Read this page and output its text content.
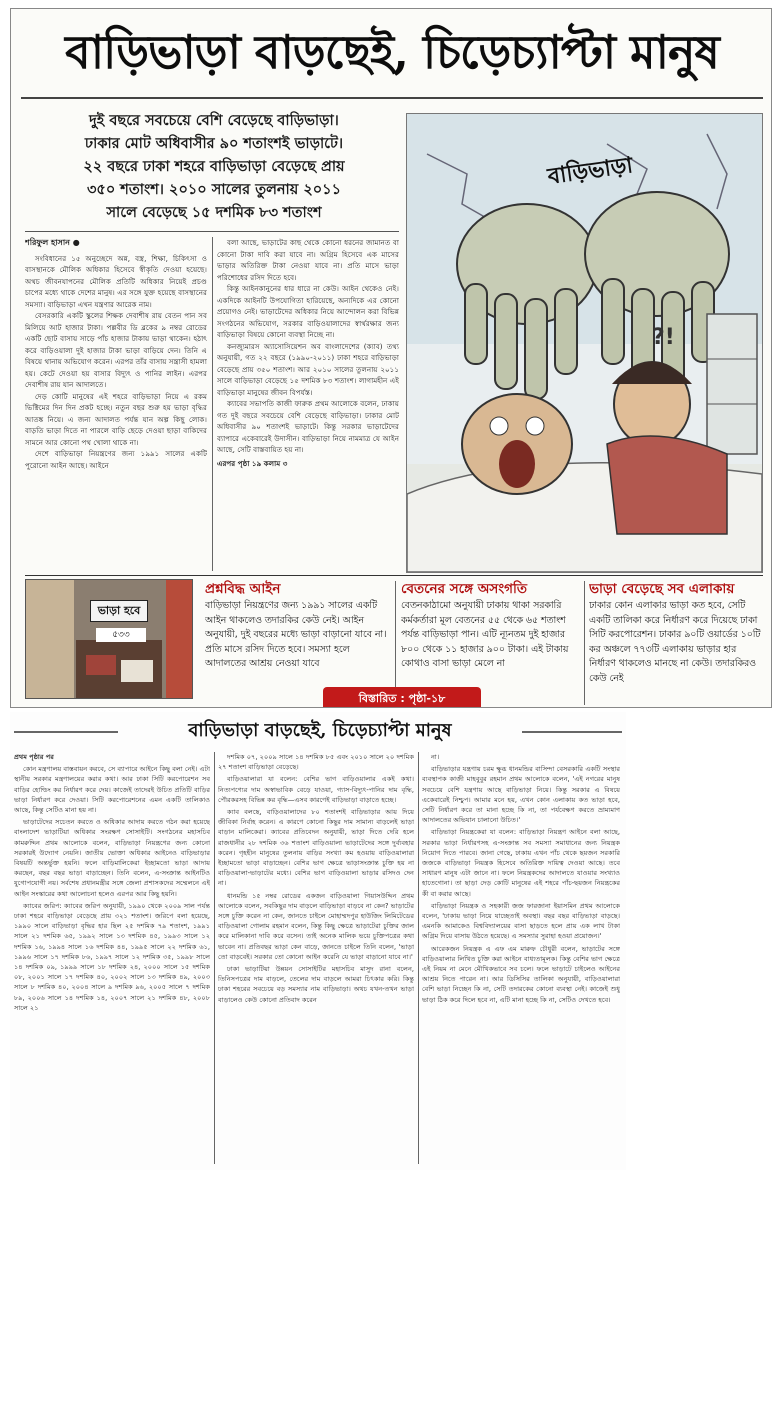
বাড়িভাড়া বাড়ছেই, চিড়েচ্যাপ্টা মানুষ
দুই বছরে সবচেয়ে বেশি বেড়েছে বাড়িভাড়া।
ঢাকার মোট অধিবাসীর ৯০ শতাংশই ভাড়াটে।
২২ বছরে ঢাকা শহরে বাড়িভাড়া বেড়েছে প্রায়
৩৫০ শতাংশ। ২০১০ সালের তুলনায় ২০১১
সালে বেড়েছে ১৫ দশমিক ৮৩ শতাংশ
শরিফুল হাসান ●

সংবিধানের ১৫ অনুচ্ছেদে অন্ন, বস্ত্র, শিক্ষা, চিকিৎসা ও বাসস্থানকে মৌলিক অধিকার হিসেবে স্বীকৃতি দেওয়া হয়েছে। অথচ জীবনযাপনের মৌলিক প্রতিটি অধিকার নিয়েই প্রচণ্ড চাপের মধ্যে থাকে দেশের মানুষ। এর সঙ্গে যুক্ত হয়েছে বাসস্থানের সমস্যা। বাড়িভাড়া এখন যন্ত্রণার আরেক নাম।

বেসরকারি একটি স্কুলের শিক্ষক দেবাশীষ রায় বেতন পান সব মিলিয়ে আট হাজার টাকা। পল্লবীর ডি ব্লকের ৯ নম্বর রোডের একটি ছোট বাসায় সাড়ে পাঁচ হাজার টাকায় ভাড়া থাকেন। হঠাৎ করে বাড়িওয়ালা দুই হাজার টাকা ভাড়া বাড়িয়ে দেন। তিনি এ বিষয়ে থানায় অভিযোগ করেন। এরপর তাঁর বাসায় সন্ত্রাসী হামলা হয়। কেটে দেওয়া হয় বাসার বিদ্যুৎ ও পানির লাইন। এরপর দেবাশীষ রায় যান আদালতে।

দেড় কোটি মানুষের এই শহরে বাড়িভাড়া নিয়ে এ রকম ভিক্টিমের দিন দিন প্রকট হচ্ছে। নতুন বছর শুরু হয় ভাড়া বৃদ্ধির আতঙ্ক নিয়ে। এ জন্য আদালত পর্যন্ত যান অল্প কিছু লোক। বাড়তি ভাড়া দিতে না পারলে বাড়ি ছেড়ে দেওয়া ছাড়া বাকিদের সামনে আর কোনো পথ খোলা থাকে না।

দেশে বাড়িভাড়া নিয়ন্ত্রণের জন্য ১৯৯১ সালের একটি পুরোনো আইন আছে। আইনে

বলা আছে, ভাড়াটের কাছ থেকে কোনো ধরনের জামানত বা কোনো টাকা দাবি করা যাবে না। অগ্রিম হিসেবে এক মাসের ভাড়ার অতিরিক্ত টাকা নেওয়া যাবে না। প্রতি মাসে ভাড়া পরিশোধের রসিদ দিতে হবে।

কিন্তু আইনকানুনের ধার ধারে না কেউ। আইন থেকেও নেই। একদিকে আইনটি উপযোগিতা হারিয়েছে, অন্যদিকে এর কোনো প্রয়োগও নেই। ভাড়াটেদের অধিকার নিয়ে আন্দোলন করা বিভিন্ন সংগঠনের অভিযোগ, সরকার বাড়িওয়ালাদের স্বার্থরক্ষার জন্য বাড়িভাড়া বিষয়ে কোনো ব্যবস্থা নিচ্ছে না।

কনজ্যুমারস অ্যাসোসিয়েশন অব বাংলাদেশের (ক্যাব) তথ্য অনুযায়ী, গত ২২ বছরে (১৯৯০-২০১১) ঢাকা শহরে বাড়িভাড়া বেড়েছে প্রায় ৩৫০ শতাংশ। আর ২০১০ সালের তুলনায় ২০১১ সালে বাড়িভাড়া বেড়েছে ১৫ দশমিক ৮৩ শতাংশ। লাগামহীন এই বাড়িভাড়া মানুষের জীবন বিপর্যস্ত।

ক্যাবের সভাপতি কাজী ফারুক প্রথম আলোকে বলেন, ঢাকায় গত দুই বছরে সবচেয়ে বেশি বেড়েছে বাড়িভাড়া। ঢাকার মোট অধিবাসীর ৯০ শতাংশই ভাড়াটে। কিন্তু সরকার ভাড়াটেদের ব্যাপারে একেবারেই উদাসীন। বাড়িভাড়া নিয়ে নামমাত্র যে আইন আছে, সেটি বাস্তবায়িত হয় না।

এরপর পৃষ্ঠা ১৯ কলাম ৩
?!
বাড়িভাড়া
ভাড়া হবে
৫৩৩
প্রশ্নবিদ্ধ আইন
বাড়িভাড়া নিয়ন্ত্রণের জন্য ১৯৯১ সালের একটি আইন থাকলেও তদারকির কেউ নেই। আইন অনুযায়ী, দুই বছরের মধ্যে ভাড়া বাড়ানো যাবে না। প্রতি মাসে রসিদ দিতে হবে। সমস্যা হলে আদালতের আশ্রয় নেওয়া যাবে
বেতনের সঙ্গে অসংগতি
বেতনকাঠামো অনুযায়ী ঢাকায় থাকা সরকারি কর্মকর্তারা মূল বেতনের ৫৫ থেকে ৬৫ শতাংশ পর্যন্ত বাড়িভাড়া পান। এটি ন্যূনতম দুই হাজার ৮০০ থেকে ১১ হাজার ৯০০ টাকা। এই টাকায় কোথাও বাসা ভাড়া মেলে না
ভাড়া বেড়েছে সব এলাকায়
ঢাকার কোন এলাকার ভাড়া কত হবে, সেটি একটি তালিকা করে নির্ধারণ করে দিয়েছে ঢাকা সিটি করপোরেশন। ঢাকার ৯০টি ওয়ার্ডের ১০টি কর অঞ্চলে ৭৭৩টি এলাকায় ভাড়ার হার নির্ধারণ থাকলেও মানছে না কেউ। তদারকিরও কেউ নেই
বিস্তারিত : পৃষ্ঠা-১৮
বাড়িভাড়া বাড়ছেই, চিড়েচ্যাপ্টা মানুষ
প্রথম পৃষ্ঠার পর

কোন মন্ত্রণালয় বাস্তবায়ন করবে, সে ব্যাপারে আইনে কিছু বলা নেই। এটা স্থানীয় সরকার মন্ত্রণালয়ের করার কথা। আর ঢাকা সিটি করপোরেশন সব বাড়ির হোল্ডিং কর নির্ধারণ করে দেয়। কাজেই তাদেরই উচিত প্রতিটি বাড়ির ভাড়া নির্ধারণ করে দেওয়া। সিটি করপোরেশনের এমন একটি তালিকাও আছে, কিন্তু সেটিও মানা হয় না।

ভাড়াটেদের সচেতন করতে ও অধিকার আদায় করতে গঠন করা হয়েছে বাংলাদেশ ভাড়াটিয়া অধিকার সংরক্ষণ সোসাইটি। সংগঠনের মহাসচিব কামরুদ্দিন প্রথম আলোকে বলেন, বাড়িভাড়া নিয়ন্ত্রণের জন্য কোনো সরকারই উদ্যোগ নেয়নি। জাতীয় ভোক্তা অধিকার আইনেও বাড়িভাড়ার বিষয়টি অন্তর্ভুক্ত হয়নি। ফলে বাড়িমালিকেরা ইচ্ছামতো ভাড়া আদায় করছেন, বছর বছর ভাড়া বাড়াচ্ছেন। তিনি বলেন, এ-সংক্রান্ত আইনটিও যুগোপযোগী নয়। সর্বশেষ প্রধানমন্ত্রীর সঙ্গে জেলা প্রশাসকদের সম্মেলনে এই আইন সংস্কারের কথা আলোচনা হলেও এরপর আর কিছু হয়নি।

ক্যাবের জরিপ: ক্যাবের জরিপ অনুযায়ী, ১৯৯০ থেকে ২০০৯ সাল পর্যন্ত ঢাকা শহরে বাড়িভাড়া বেড়েছে প্রায় ৩২১ শতাংশ। জরিপে বলা হয়েছে, ১৯৯০ সালে বাড়িভাড়া বৃদ্ধির হার ছিল ২৫ দশমিক ৭৯ শতাংশ, ১৯৯১ সালে ২১ দশমিক ৬৫, ১৯৯২ সালে ১৩ দশমিক ৪৫, ১৯৯৩ সালে ১২ দশমিক ১৬, ১৯৯৪ সালে ১৬ দশমিক ৪৪, ১৯৯৫ সালে ২২ দশমিক ৬১, ১৯৯৬ সালে ১৭ দশমিক ৮৬, ১৯৯৭ সালে ১২ দশমিক ৩৫, ১৯৯৮ সালে ১৪ দশমিক ০৯, ১৯৯৯ সালে ১৮ দশমিক ২৪, ২০০০ সালে ১৫ দশমিক ০৮, ২০০১ সালে ১৭ দশমিক ৪০, ২০০২ সালে ১৩ দশমিক ৪৯, ২০০৩ সালে ৮ দশমিক ৪০, ২০০৪ সালে ৯ দশমিক ৯৬, ২০০৫ সালে ৭ দশমিক ৮৯, ২০০৬ সালে ১৪ দশমিক ১৪, ২০০৭ সালে ২১ দশমিক ৪৮, ২০০৮ সালে ২১

দশমিক ০৭, ২০০৯ সালে ১৪ দশমিক ৮৫ এবং ২০১০ সালে ২০ দশমিক ২৭ শতাংশ বাড়িভাড়া বেড়েছে।

বাড়িওয়ালারা যা বলেন: বেশির ভাগ বাড়িওয়ালার একই কথা। নিত্যপণ্যের দাম অস্বাভাবিক বেড়ে যাওয়া, গ্যাস-বিদ্যুৎ-পানির দাম বৃদ্ধি, পৌরকরসহ বিভিন্ন কর বৃদ্ধি—এসব কারণেই বাড়িভাড়া বাড়াতে হচ্ছে।

ক্যাব বলছে, বাড়িওয়ালাদের ৮০ শতাংশই বাড়িভাড়ার আয় দিয়ে জীবিকা নির্বাহ করেন। এ কারণে কোনো কিছুর দাম সামান্য বাড়লেই ভাড়া বাড়ান মালিকেরা। ক্যাবের প্রতিবেদন অনুযায়ী, ভাড়া দিতে দেরি হলে রাজধানীর ২৮ দশমিক ৩৬ শতাংশ বাড়িওয়ালা ভাড়াটেদের সঙ্গে দুর্ব্যবহার করেন। গৃহহীন মানুষের তুলনায় বাড়ির সংখ্যা কম হওয়ায় বাড়িওয়ালারা ইচ্ছামতো ভাড়া বাড়াচ্ছেন। বেশির ভাগ ক্ষেত্রে ভাড়াসংক্রান্ত চুক্তি হয় না বাড়িওয়ালা-ভাড়াটের মধ্যে। বেশির ভাগ বাড়িওয়ালা ভাড়ার রসিদও দেন না।

ধানমন্ডি ১৫ নম্বর রোডের একজন বাড়িওয়ালা গিয়াসউদ্দিন প্রথম আলোকে বলেন, সবকিছুর দাম বাড়লে বাড়িভাড়া বাড়বে না কেন? ভাড়াটের সঙ্গে চুক্তি করেন না কেন, জানতে চাইলে মোহাম্মদপুর হাউজিং লিমিটেডের বাড়িওয়ালা গোলাম রহমান বলেন, কিন্তু কিছু ক্ষেত্রে ভাড়াটেরা চুক্তির জাল করে মালিকানা দাবি করে বসেন। তাই অনেক মালিক ভয়ে চুক্তিপত্রের কথা ভাবেন না। প্রতিবছর ভাড়া কেন বাড়ে, জানতে চাইলে তিনি বলেন, 'ভাড়া তো বাড়বেই। সরকার তো কোনো আইন করেনি যে ভাড়া বাড়ানো যাবে না।'

ঢাকা ভাড়াটিয়া উন্নয়ন সোসাইটির মহাসচিব মাসুদ রানা বলেন, তিনিসপত্রের দাম বাড়লে, তেলের দাম বাড়লে আমরা চিৎকার করি। কিন্তু ঢাকা শহরের সবচেয়ে বড় সমস্যার নাম বাড়িভাড়া। অথচ যখন-তখন ভাড়া বাড়ালেও কেউ কোনো প্রতিবাদ করেন

না।

বাড়িভাড়ার যন্ত্রণায় চরম ক্ষুব্ধ ধানমন্ডির বাসিন্দা বেসরকারি একটি সংস্থার ব্যবস্থাপক কাজী মাহবুবুর রহমান প্রথম আলোকে বলেন, 'এই নগরের মানুষ সবচেয়ে বেশি যন্ত্রণায় আছে বাড়িভাড়া নিয়ে। কিন্তু সরকার এ বিষয়ে একেবারেই নিশ্চুপ। আমার মনে হয়, এখন কোন এলাকায় কত ভাড়া হবে, সেটি নির্ধারণ করে তা মানা হচ্ছে কি না, তা পর্যবেক্ষণ করতে ভ্রাম্যমাণ আদালতের অভিযান চালানো উচিত।'

বাড়িভাড়া নিয়ন্ত্রকেরা যা বলেন: বাড়িভাড়া নিয়ন্ত্রণ আইনে বলা আছে, সরকার ভাড়া নির্ধারণসহ এ-সংক্রান্ত সব সমস্যা সমাধানের জন্য নিয়ন্ত্রক নিয়োগ দিতে পারবে। জানা গেছে, ঢাকায় এখন পাঁচ থেকে ছয়জন সরকারি জজকে বাড়িভাড়া নিয়ন্ত্রক হিসেবে অতিরিক্ত দায়িত্ব দেওয়া আছে। তবে সাধারণ মানুষ এটা জানে না। ফলে নিয়ন্ত্রকদের আদালতে যাওয়ার সংখ্যাও হাতেগোনা। তা ছাড়া দেড় কোটি মানুষের এই শহরে পাঁচ-ছয়জন নিয়ন্ত্রকের কী বা করার আছে।

বাড়িভাড়া নিয়ন্ত্রক ও সহকারী জজ ফারজানা ইয়াসমিন প্রথম আলোকে বলেন, 'ঢাকায় ভাড়া নিয়ে যাচ্ছেতাই অবস্থা। বছর বছর বাড়িভাড়া বাড়ছে। এমনকি আমাকেও বিশ্ববিদ্যালয়ের বাসা ছাড়তে হলে প্রায় এক লাখ টাকা অগ্রিম দিয়ে বাসায় উঠতে হয়েছে। এ সমস্যার সুরাহা হওয়া প্রয়োজন।'

আরেকজন নিয়ন্ত্রক এ এফ এম মারুফ চৌধুরী বলেন, ভাড়াটের সঙ্গে বাড়িওয়ালার লিখিত চুক্তি করা আইনে বাধ্যতামূলক। কিন্তু বেশির ভাগ ক্ষেত্রে এই নিয়ম না মেনে মৌখিকভাবে সব চলে। ফলে ভাড়াটে চাইলেও আইনের আশ্রয় নিতে পারেন না। আর ডিসিসির তালিকা অনুযায়ী, বাড়িওয়ালারা বেশি ভাড়া নিচ্ছেন কি না, সেটি তদারকের কোনো ব্যবস্থা নেই। কাজেই শুধু ভাড়া ঠিক করে দিলে হবে না, এটি মানা হচ্ছে কি না, সেটিও দেখতে হবে।
